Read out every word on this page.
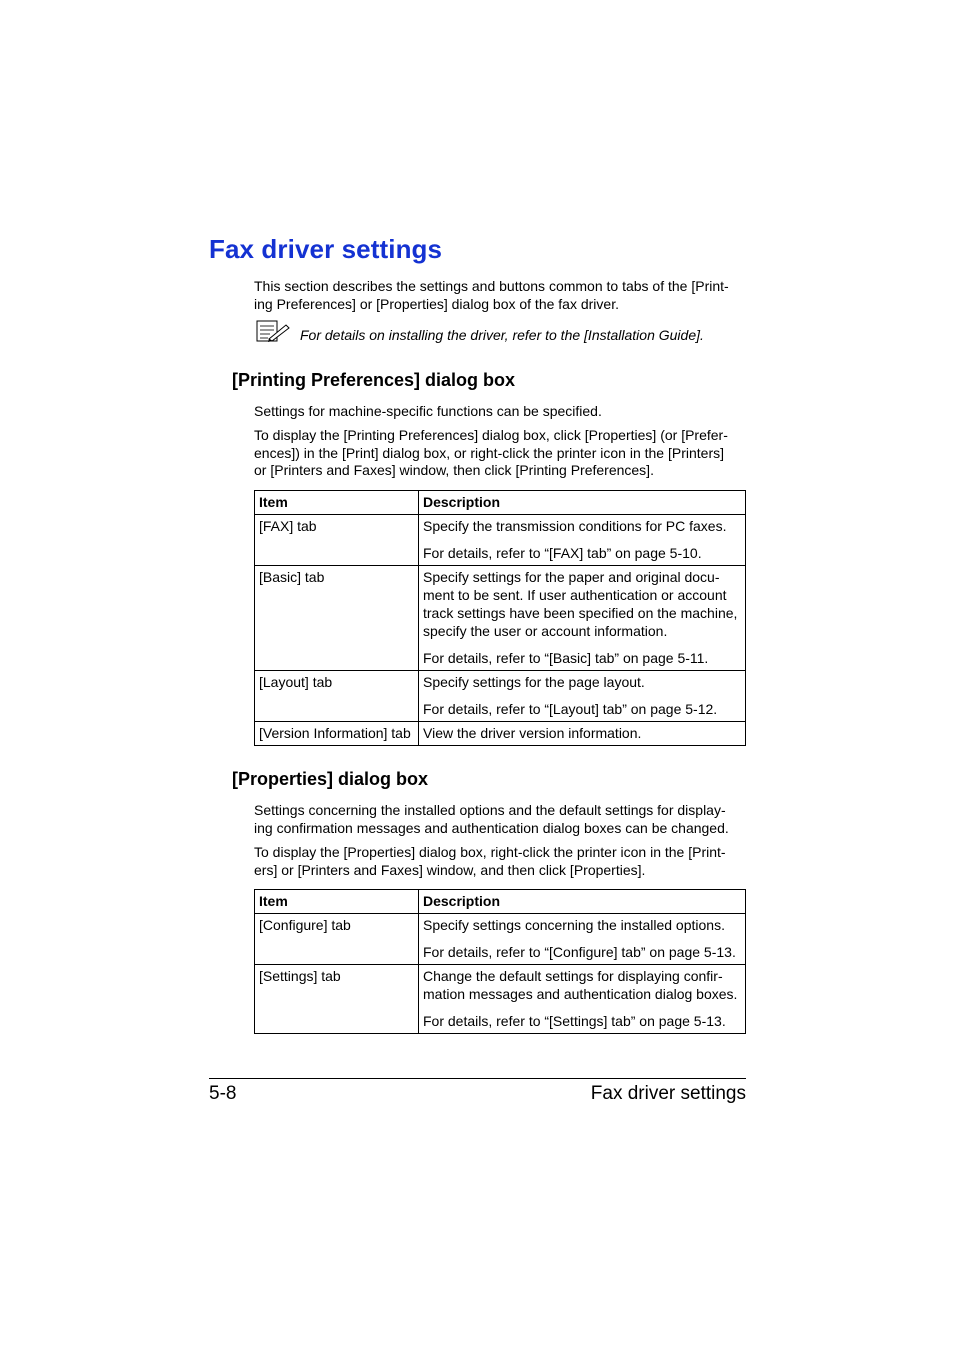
Fax driver settings

This section describes the settings and buttons common to tabs of the [Print-
ing Preferences] or [Properties] dialog box of the fax driver.

For details on installing the driver, refer to the [Installation Guide].
[Printing Preferences] dialog box

Settings for machine-specific functions can be specified.

To display the [Printing Preferences] dialog box, click [Properties] (or [Prefer-
ences]) in the [Print] dialog box, or right-click the printer icon in the [Printers]
or [Printers and Faxes] window, then click [Printing Preferences].

Item	Description

[FAX] tab	Specify the transmission conditions for PC faxes.
For details, refer to “[FAX] tab” on page 5-10.

[Basic] tab	Specify settings for the paper and original docu-
ment to be sent. If user authentication or account
track settings have been specified on the machine,
specify the user or account information.
For details, refer to “[Basic] tab” on page 5-11.

[Layout] tab	Specify settings for the page layout.
For details, refer to “[Layout] tab” on page 5-12.

[Version Information] tab	View the driver version information.
[Properties] dialog box

Settings concerning the installed options and the default settings for display-
ing confirmation messages and authentication dialog boxes can be changed.

To display the [Properties] dialog box, right-click the printer icon in the [Print-
ers] or [Printers and Faxes] window, and then click [Properties].

Item	Description

[Configure] tab	Specify settings concerning the installed options.
For details, refer to “[Configure] tab” on page 5-13.

[Settings] tab	Change the default settings for displaying confir-
mation messages and authentication dialog boxes.
For details, refer to “[Settings] tab” on page 5-13.
5-8	Fax driver settings
